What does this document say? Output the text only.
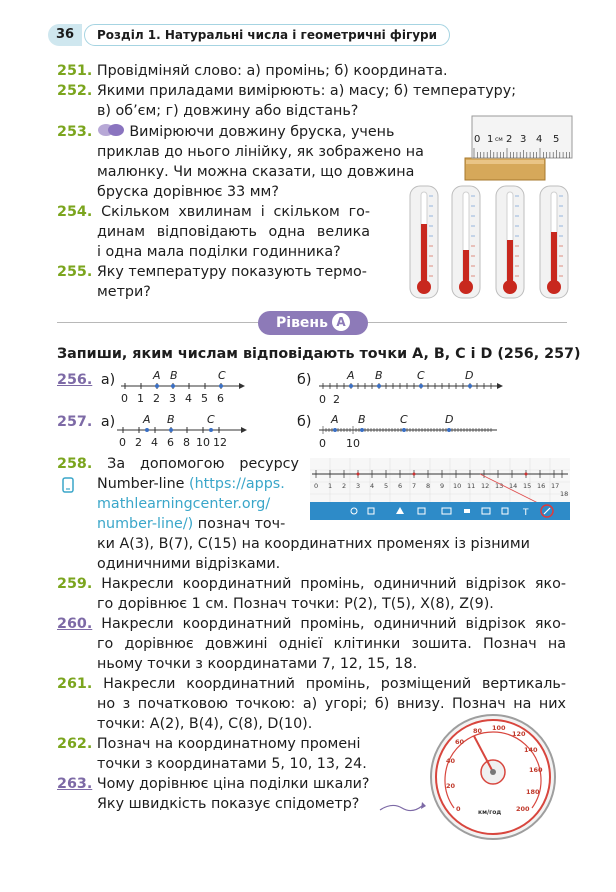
36	Розділ 1. Натуральні числа і геометричні фігури
251. Провідміняй слово: а) промінь; б) координата.
252. Якими приладами вимірюють: а) масу; б) температуру;
в) об’єм; г) довжину або відстань?
253.	Вимірюючи довжину бруска, учень
приклав до нього лінійку, як зображено на
малюнку. Чи можна сказати, що довжина
бруска дорівнює 33 мм?
0 1 см 2 3 4 5
254. Скільком хвилинам і скільком го-
динам відповідають одна велика
і одна мала поділки годинника?
255. Яку температуру показують термо-
метри?
Рівень А
Запиши, яким числам відповідають точки A, B, C і D (256, 257)
256. а)	б)
A B	C
0 1 2 3 4 5 6
A B	C	D
0 2
257. а)	б)
A B	C
0 2 4 6 8 10 12
A B	C	D
0 10
258. За допомогою ресурсу
Number-line (https://apps.
mathlearningcenter.org/
number-line/) познач точ-
ки A(3), B(7), C(15) на координатних променях із різними
одиничними відрізками.
0 1 2 3 4 5 6 7 8 9 10 11 12 13 14 15 16 17
18
T
259. Накресли координатний промінь, одиничний відрізок яко-
го дорівнює 1 см. Познач точки: P(2), T(5), X(8), Z(9).
260. Накресли координатний промінь, одиничний відрізок яко-
го дорівнює довжині однієї клітинки зошита. Познач на
ньому точки з координатами 7, 12, 15, 18.
261. Накресли координатний промінь, розміщений вертикаль-
но з початковою точкою: а) угорі; б) внизу. Познач на них
точки: A(2), B(4), C(8), D(10).
262. Познач на координатному промені
точки з координатами 5, 10, 13, 24.
263. Чому дорівнює ціна поділки шкали?
Яку швидкість показує спідометр?	0
20
40
60
80 100
120
140
160
180
200
км/год
